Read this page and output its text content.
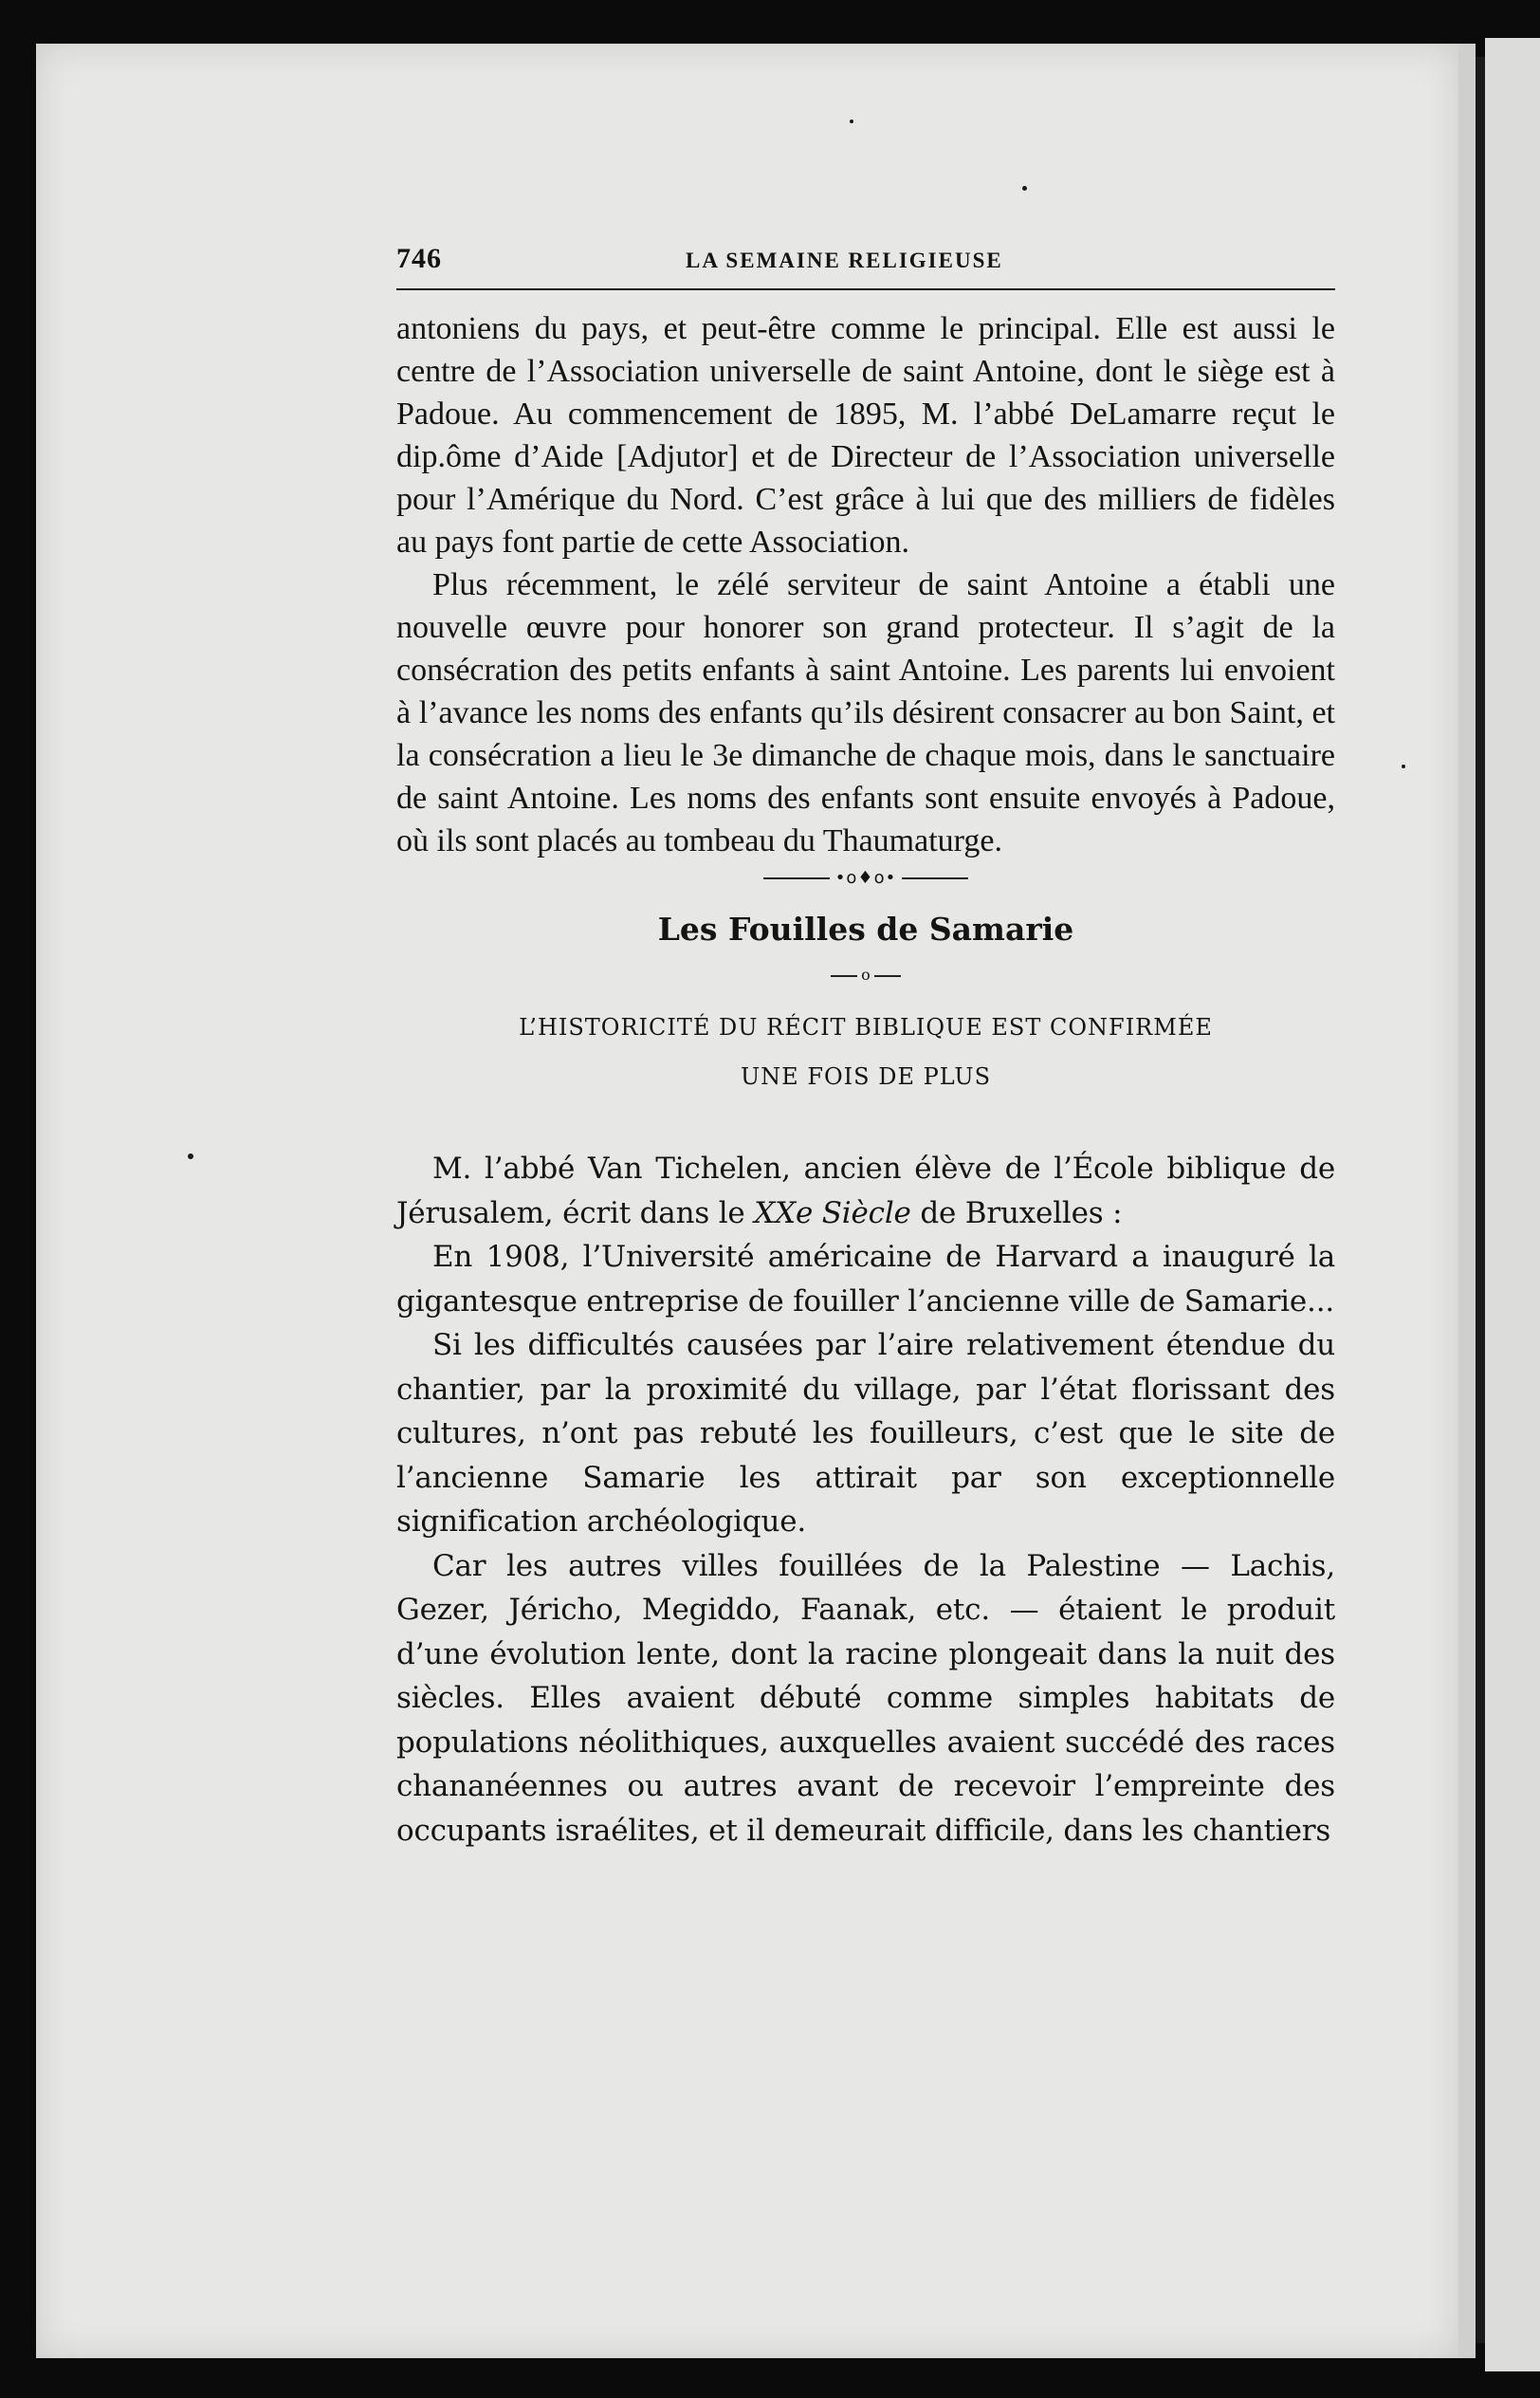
746	LA SEMAINE RELIGIEUSE

antoniens du pays, et peut-être comme le principal. Elle est aussi le centre de l’Association universelle de saint Antoine, dont le siège est à Padoue. Au commencement de 1895, M. l’abbé DeLamarre reçut le dip.ôme d’Aide [Adjutor] et de Directeur de l’Association universelle pour l’Amérique du Nord. C’est grâce à lui que des milliers de fidèles au pays font partie de cette Association.

Plus récemment, le zélé serviteur de saint Antoine a établi une nouvelle œuvre pour honorer son grand protecteur. Il s’agit de la consécration des petits enfants à saint Antoine. Les parents lui envoient à l’avance les noms des enfants qu’ils désirent consacrer au bon Saint, et la consécration a lieu le 3e dimanche de chaque mois, dans le sanctuaire de saint Antoine. Les noms des enfants sont ensuite envoyés à Padoue, où ils sont placés au tombeau du Thaumaturge.

•o♦o•
Les Fouilles de Samarie
o

L’HISTORICITÉ DU RÉCIT BIBLIQUE EST CONFIRMÉE

UNE FOIS DE PLUS

M. l’abbé Van Tichelen, ancien élève de l’École biblique de Jérusalem, écrit dans le XXe Siècle de Bruxelles :

En 1908, l’Université américaine de Harvard a inauguré la gigantesque entreprise de fouiller l’ancienne ville de Samarie...

Si les difficultés causées par l’aire relativement étendue du chantier, par la proximité du village, par l’état florissant des cultures, n’ont pas rebuté les fouilleurs, c’est que le site de l’ancienne Samarie les attirait par son exceptionnelle signification archéologique.

Car les autres villes fouillées de la Palestine — Lachis, Gezer, Jéricho, Megiddo, Faanak, etc. — étaient le produit d’une évolution lente, dont la racine plongeait dans la nuit des siècles. Elles avaient débuté comme simples habitats de populations néolithiques, auxquelles avaient succédé des races chananéennes ou autres avant de recevoir l’empreinte des occupants israélites, et il demeurait difficile, dans les chantiers
